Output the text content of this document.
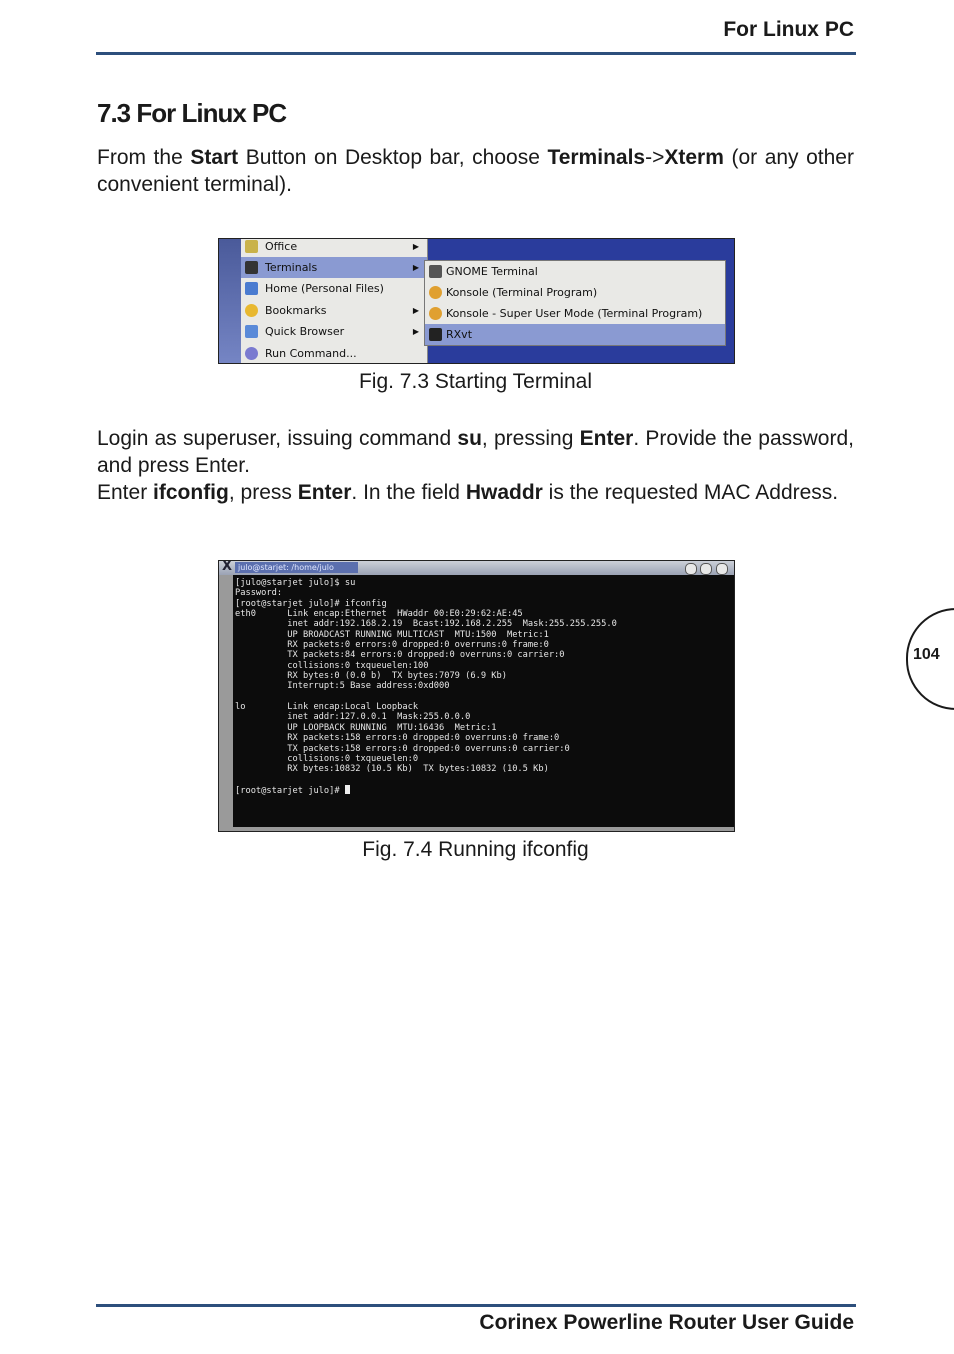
For Linux PC
7.3 For Linux PC

From the Start Button on Desktop bar, choose Terminals->Xterm (or any other convenient terminal).

Office	▶
Terminals	▶
Home (Personal Files)
Bookmarks	▶
Quick Browser	▶
Run Command...
GNOME Terminal
Konsole (Terminal Program)
Konsole - Super User Mode (Terminal Program)
RXvt
Fig. 7.3 Starting Terminal

Login as superuser, issuing command su, pressing Enter. Provide the password, and press Enter.

Enter ifconfig, press Enter. In the field Hwaddr is the requested MAC Address.

X julo@starjet: /home/julo
[julo@starjet julo]$ su
Password:
[root@starjet julo]# ifconfig
eth0      Link encap:Ethernet  HWaddr 00:E0:29:62:AE:45
inet addr:192.168.2.19  Bcast:192.168.2.255  Mask:255.255.255.0
UP BROADCAST RUNNING MULTICAST  MTU:1500  Metric:1
RX packets:0 errors:0 dropped:0 overruns:0 frame:0
TX packets:84 errors:0 dropped:0 overruns:0 carrier:0
collisions:0 txqueuelen:100
RX bytes:0 (0.0 b)  TX bytes:7079 (6.9 Kb)
Interrupt:5 Base address:0xd000

lo        Link encap:Local Loopback
inet addr:127.0.0.1  Mask:255.0.0.0
UP LOOPBACK RUNNING  MTU:16436  Metric:1
RX packets:158 errors:0 dropped:0 overruns:0 frame:0
TX packets:158 errors:0 dropped:0 overruns:0 carrier:0
collisions:0 txqueuelen:0
RX bytes:10832 (10.5 Kb)  TX bytes:10832 (10.5 Kb)

[root@starjet julo]#
Fig. 7.4 Running ifconfig
104
Corinex Powerline Router User Guide
